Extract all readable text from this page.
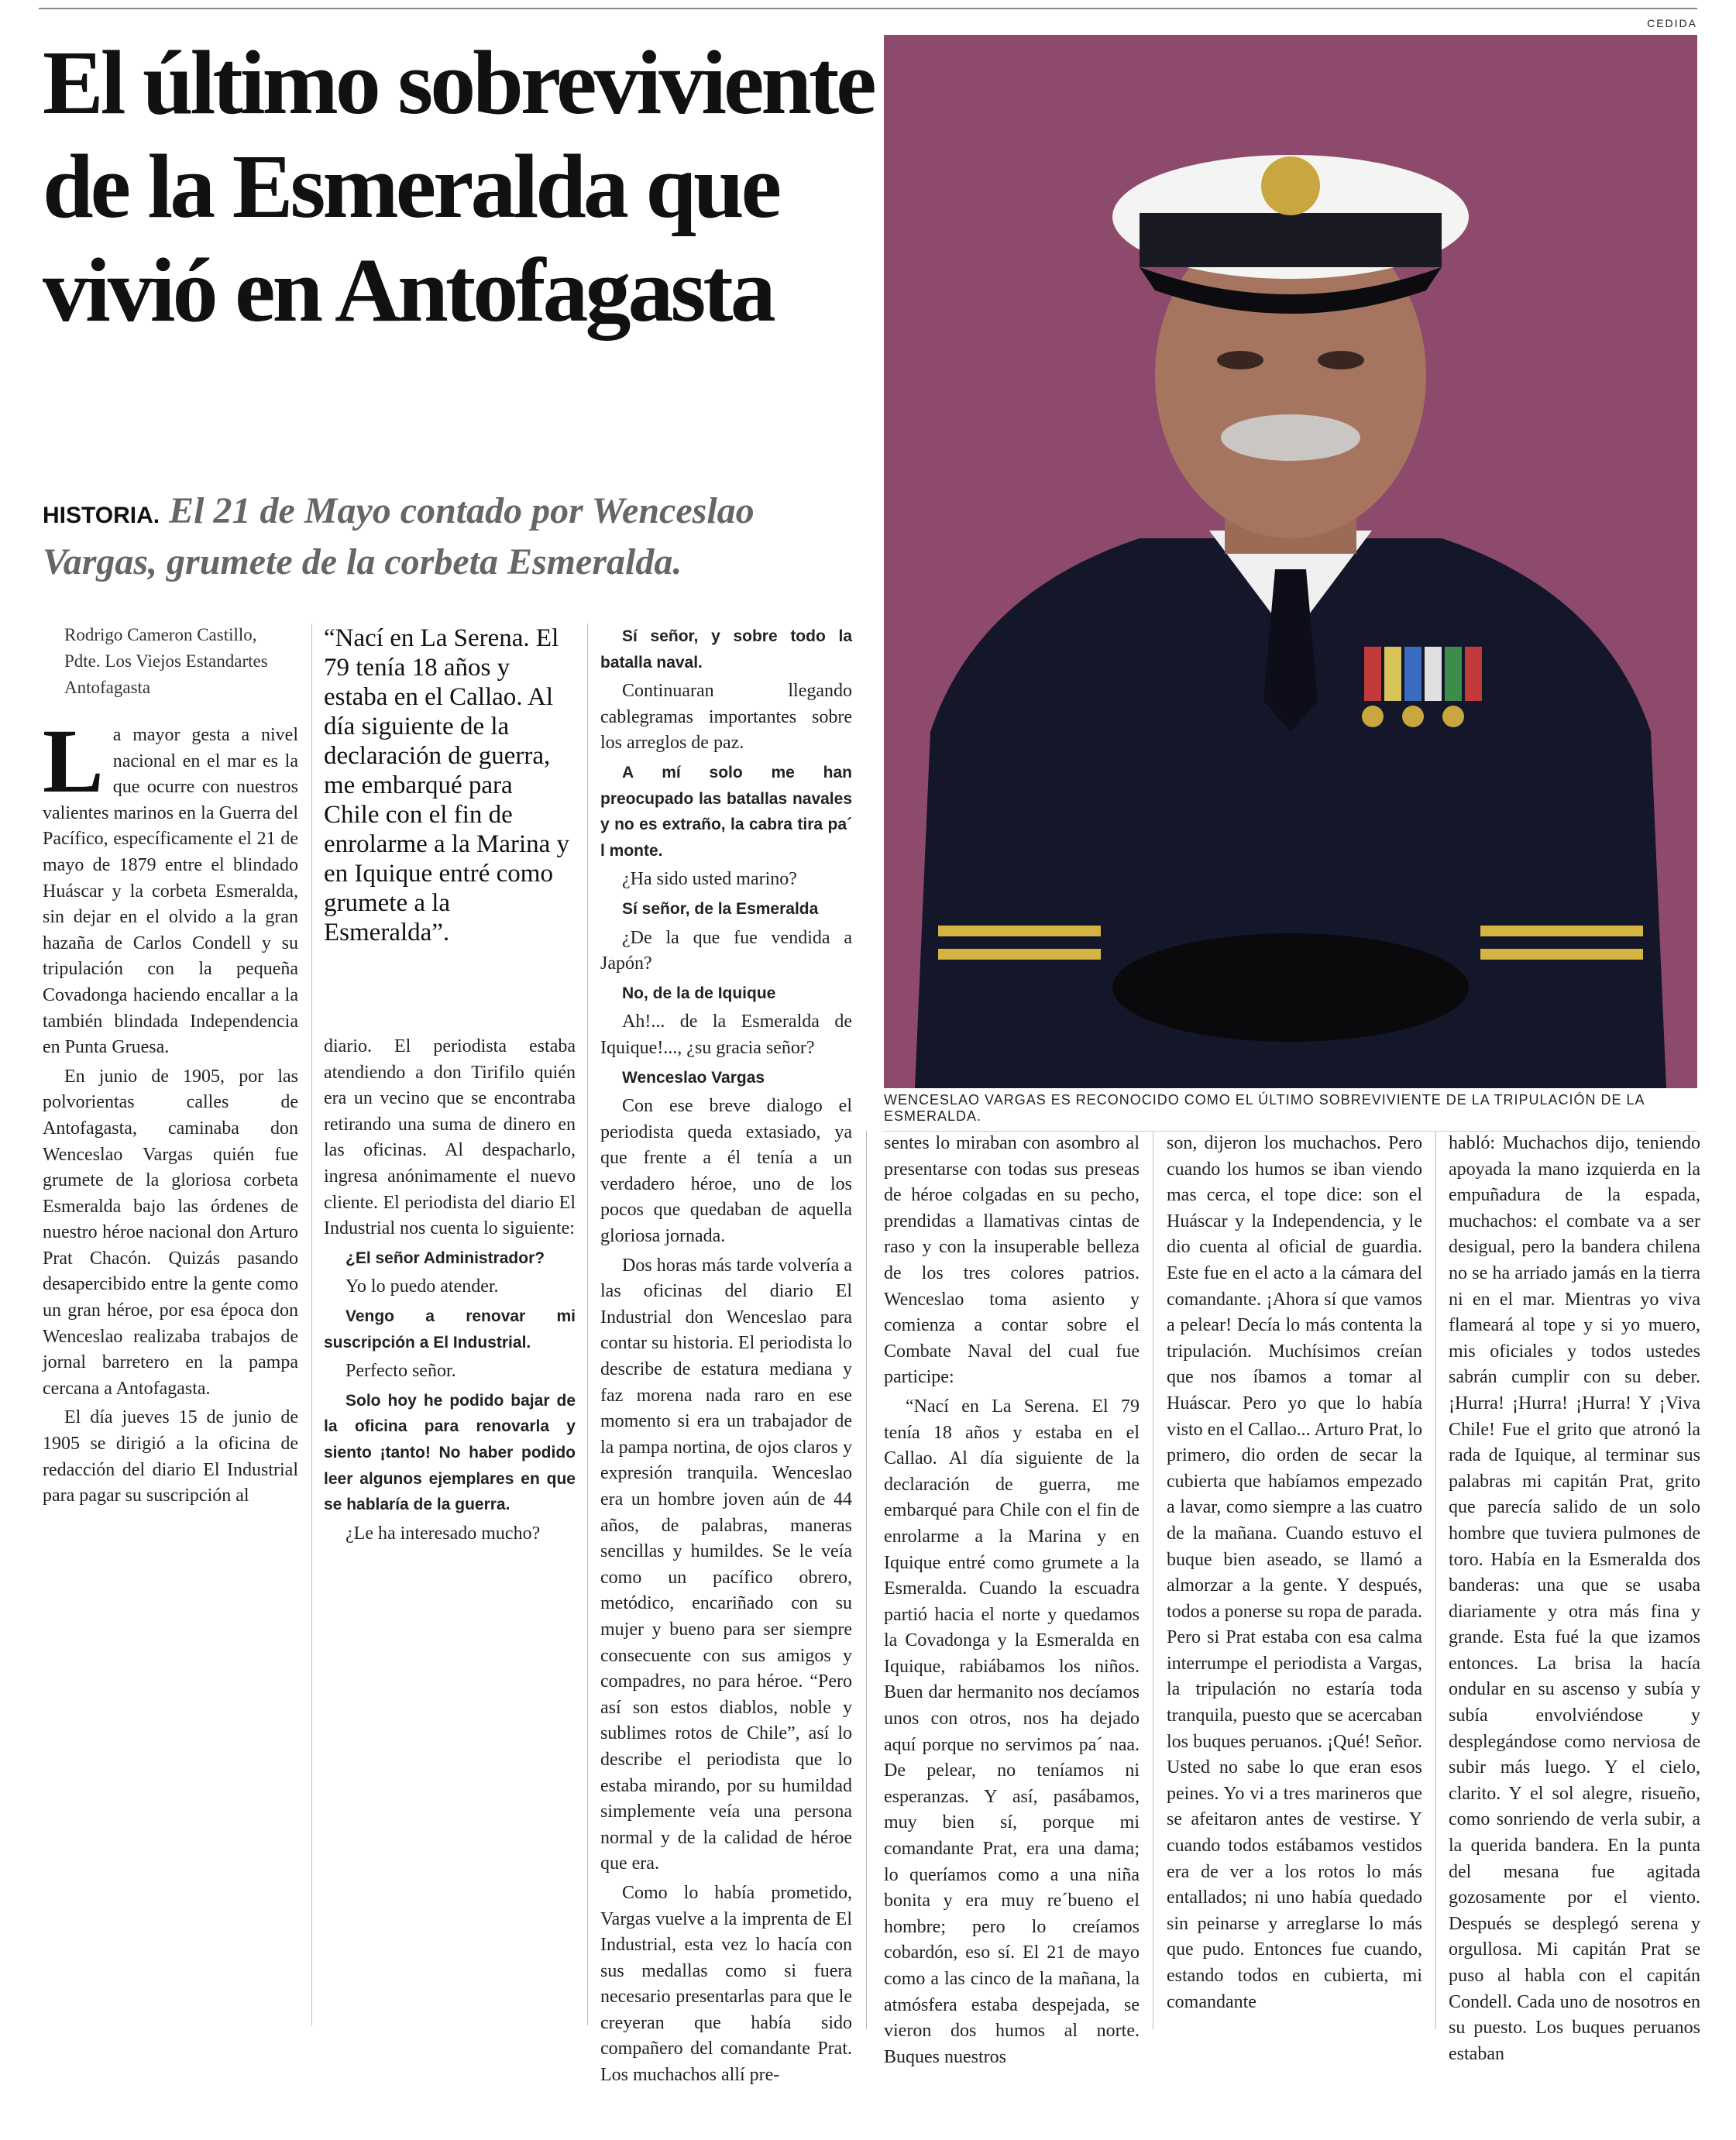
CEDIDA
El último sobreviviente de la Esmeralda que vivió en Antofagasta

HISTORIA. El 21 de Mayo contado por Wenceslao Vargas, grumete de la corbeta Esmeralda.

WENCESLAO VARGAS ES RECONOCIDO COMO EL ÚLTIMO SOBREVIVIENTE DE LA TRIPULACIÓN DE LA ESMERALDA.

Rodrigo Cameron Castillo,

Pdte. Los Viejos Estandartes

Antofagasta

La mayor gesta a nivel nacional en el mar es la que ocurre con nuestros valientes marinos en la Guerra del Pacífico, específicamente el 21 de mayo de 1879 entre el blindado Huáscar y la corbeta Esmeralda, sin dejar en el olvido a la gran hazaña de Carlos Condell y su tripulación con la pequeña Covadonga haciendo encallar a la también blindada Independencia en Punta Gruesa.

En junio de 1905, por las polvorientas calles de Antofagasta, caminaba don Wenceslao Vargas quién fue grumete de la gloriosa corbeta Esmeralda bajo las órdenes de nuestro héroe nacional don Arturo Prat Chacón. Quizás pasando desapercibido entre la gente como un gran héroe, por esa época don Wenceslao realizaba trabajos de jornal barretero en la pampa cercana a Antofagasta.

El día jueves 15 de junio de 1905 se dirigió a la oficina de redacción del diario El Industrial para pagar su suscripción al

“Nací en La Serena. El 79 tenía 18 años y estaba en el Callao. Al día siguiente de la declaración de guerra, me embarqué para Chile con el fin de enrolarme a la Marina y en Iquique entré como grumete a la Esmeralda”.

diario. El periodista estaba atendiendo a don Tirifilo quién era un vecino que se encontraba retirando una suma de dinero en las oficinas. Al despacharlo, ingresa anónimamente el nuevo cliente. El periodista del diario El Industrial nos cuenta lo siguiente:

¿El señor Administrador?

Yo lo puedo atender.

Vengo a renovar mi suscripción a El Industrial.

Perfecto señor.

Solo hoy he podido bajar de la oficina para renovarla y siento ¡tanto! No haber podido leer algunos ejemplares en que se hablaría de la guerra.

¿Le ha interesado mucho?

Sí señor, y sobre todo la batalla naval.

Continuaran llegando cablegramas importantes sobre los arreglos de paz.

A mí solo me han preocupado las batallas navales y no es extraño, la cabra tira pa´ l monte.

¿Ha sido usted marino?

Sí señor, de la Esmeralda

¿De la que fue vendida a Japón?

No, de la de Iquique

Ah!... de la Esmeralda de Iquique!..., ¿su gracia señor?

Wenceslao Vargas

Con ese breve dialogo el periodista queda extasiado, ya que frente a él tenía a un verdadero héroe, uno de los pocos que quedaban de aquella gloriosa jornada.

Dos horas más tarde volvería a las oficinas del diario El Industrial don Wenceslao para contar su historia. El periodista lo describe de estatura mediana y faz morena nada raro en ese momento si era un trabajador de la pampa nortina, de ojos claros y expresión tranquila. Wenceslao era un hombre joven aún de 44 años, de palabras, maneras sencillas y humildes. Se le veía como un pacífico obrero, metódico, encariñado con su mujer y bueno para ser siempre consecuente con sus amigos y compadres, no para héroe. “Pero así son estos diablos, noble y sublimes rotos de Chile”, así lo describe el periodista que lo estaba mirando, por su humildad simplemente veía una persona normal y de la calidad de héroe que era.

Como lo había prometido, Vargas vuelve a la imprenta de El Industrial, esta vez lo hacía con sus medallas como si fuera necesario presentarlas para que le creyeran que había sido compañero del comandante Prat. Los muchachos allí pre-

sentes lo miraban con asombro al presentarse con todas sus preseas de héroe colgadas en su pecho, prendidas a llamativas cintas de raso y con la insuperable belleza de los tres colores patrios. Wenceslao toma asiento y comienza a contar sobre el Combate Naval del cual fue participe:

“Nací en La Serena. El 79 tenía 18 años y estaba en el Callao. Al día siguiente de la declaración de guerra, me embarqué para Chile con el fin de enrolarme a la Marina y en Iquique entré como grumete a la Esmeralda. Cuando la escuadra partió hacia el norte y quedamos la Covadonga y la Esmeralda en Iquique, rabiábamos los niños. Buen dar hermanito nos decíamos unos con otros, nos ha dejado aquí porque no servimos pa´ naa. De pelear, no teníamos ni esperanzas. Y así, pasábamos, muy bien sí, porque mi comandante Prat, era una dama; lo queríamos como a una niña bonita y era muy re´bueno el hombre; pero lo creíamos cobardón, eso sí. El 21 de mayo como a las cinco de la mañana, la atmósfera estaba despejada, se vieron dos humos al norte. Buques nuestros

son, dijeron los muchachos. Pero cuando los humos se iban viendo mas cerca, el tope dice: son el Huáscar y la Independencia, y le dio cuenta al oficial de guardia. Este fue en el acto a la cámara del comandante. ¡Ahora sí que vamos a pelear! Decía lo más contenta la tripulación. Muchísimos creían que nos íbamos a tomar al Huáscar. Pero yo que lo había visto en el Callao... Arturo Prat, lo primero, dio orden de secar la cubierta que habíamos empezado a lavar, como siempre a las cuatro de la mañana. Cuando estuvo el buque bien aseado, se llamó a almorzar a la gente. Y después, todos a ponerse su ropa de parada. Pero si Prat estaba con esa calma interrumpe el periodista a Vargas, la tripulación no estaría toda tranquila, puesto que se acercaban los buques peruanos. ¡Qué! Señor. Usted no sabe lo que eran esos peines. Yo vi a tres marineros que se afeitaron antes de vestirse. Y cuando todos estábamos vestidos era de ver a los rotos lo más entallados; ni uno había quedado sin peinarse y arreglarse lo más que pudo. Entonces fue cuando, estando todos en cubierta, mi comandante

habló: Muchachos dijo, teniendo apoyada la mano izquierda en la empuñadura de la espada, muchachos: el combate va a ser desigual, pero la bandera chilena no se ha arriado jamás en la tierra ni en el mar. Mientras yo viva flameará al tope y si yo muero, mis oficiales y todos ustedes sabrán cumplir con su deber. ¡Hurra! ¡Hurra! ¡Hurra! Y ¡Viva Chile! Fue el grito que atronó la rada de Iquique, al terminar sus palabras mi capitán Prat, grito que parecía salido de un solo hombre que tuviera pulmones de toro. Había en la Esmeralda dos banderas: una que se usaba diariamente y otra más fina y grande. Esta fué la que izamos entonces. La brisa la hacía ondular en su ascenso y subía y subía envolviéndose y desplegándose como nerviosa de subir más luego. Y el cielo, clarito. Y el sol alegre, risueño, como sonriendo de verla subir, a la querida bandera. En la punta del mesana fue agitada gozosamente por el viento. Después se desplegó serena y orgullosa. Mi capitán Prat se puso al habla con el capitán Condell. Cada uno de nosotros en su puesto. Los buques peruanos estaban
